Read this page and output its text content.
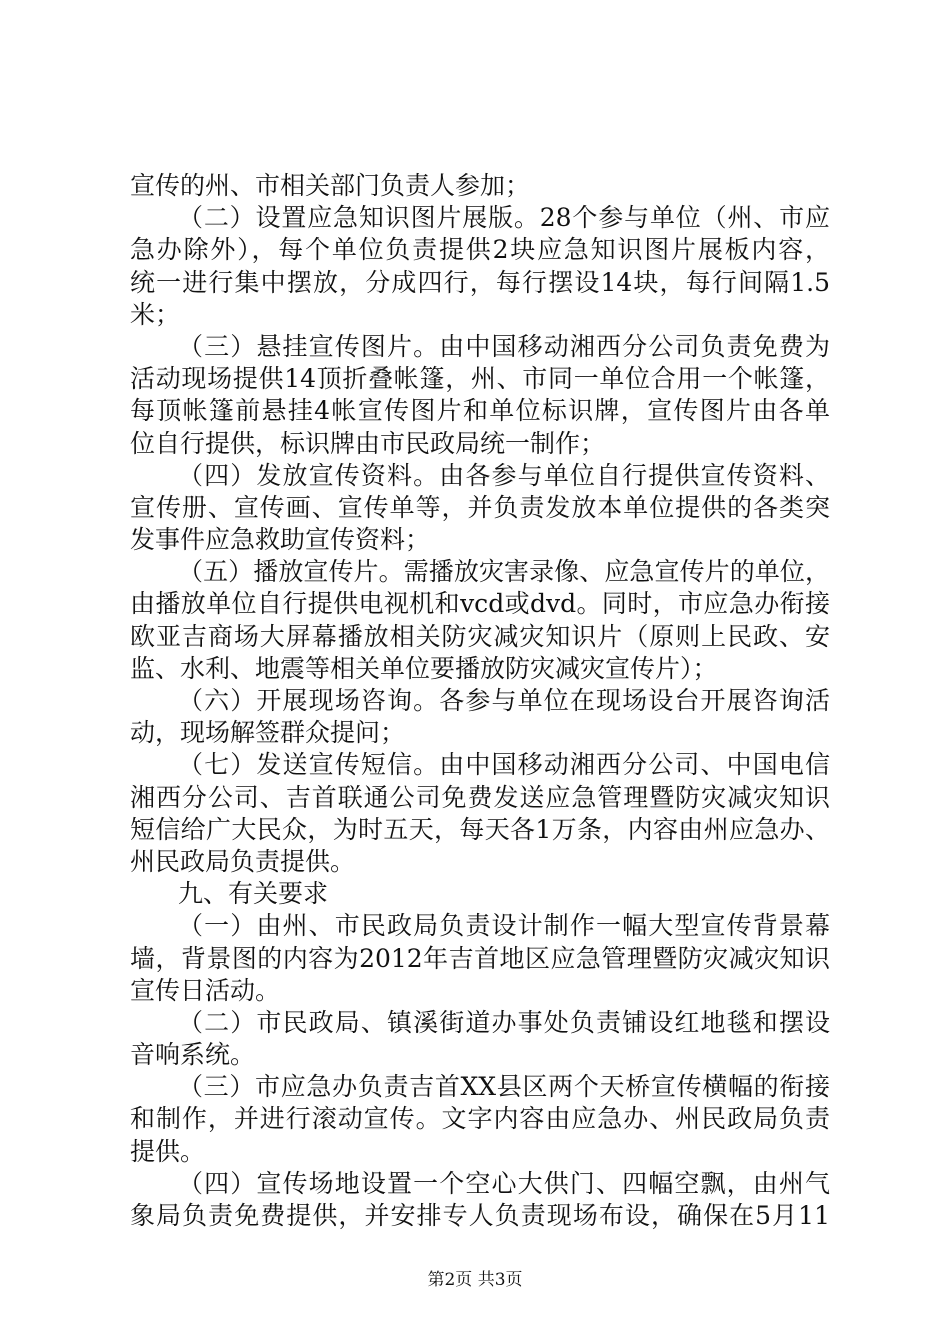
宣传的州、市相关部门负责人参加；
（二）设置应急知识图片展版。28个参与单位（州、市应
急办除外），每个单位负责提供2块应急知识图片展板内容，
统一进行集中摆放，分成四行，每行摆设14块，每行间隔1.5
米；
（三）悬挂宣传图片。由中国移动湘西分公司负责免费为
活动现场提供14顶折叠帐篷，州、市同一单位合用一个帐篷，
每顶帐篷前悬挂4帐宣传图片和单位标识牌，宣传图片由各单
位自行提供，标识牌由市民政局统一制作；
（四）发放宣传资料。由各参与单位自行提供宣传资料、
宣传册、宣传画、宣传单等，并负责发放本单位提供的各类突
发事件应急救助宣传资料；
（五）播放宣传片。需播放灾害录像、应急宣传片的单位，
由播放单位自行提供电视机和vcd或dvd。同时，市应急办衔接
欧亚吉商场大屏幕播放相关防灾减灾知识片（原则上民政、安
监、水利、地震等相关单位要播放防灾减灾宣传片）；
（六）开展现场咨询。各参与单位在现场设台开展咨询活
动，现场解签群众提问；
（七）发送宣传短信。由中国移动湘西分公司、中国电信
湘西分公司、吉首联通公司免费发送应急管理暨防灾减灾知识
短信给广大民众，为时五天，每天各1万条，内容由州应急办、
州民政局负责提供。
九、有关要求
（一）由州、市民政局负责设计制作一幅大型宣传背景幕
墙，背景图的内容为2012年吉首地区应急管理暨防灾减灾知识
宣传日活动。
（二）市民政局、镇溪街道办事处负责铺设红地毯和摆设
音响系统。
（三）市应急办负责吉首XX县区两个天桥宣传横幅的衔接
和制作，并进行滚动宣传。文字内容由应急办、州民政局负责
提供。
（四）宣传场地设置一个空心大供门、四幅空飘，由州气
象局负责免费提供，并安排专人负责现场布设，确保在5月11
第2页 共3页
